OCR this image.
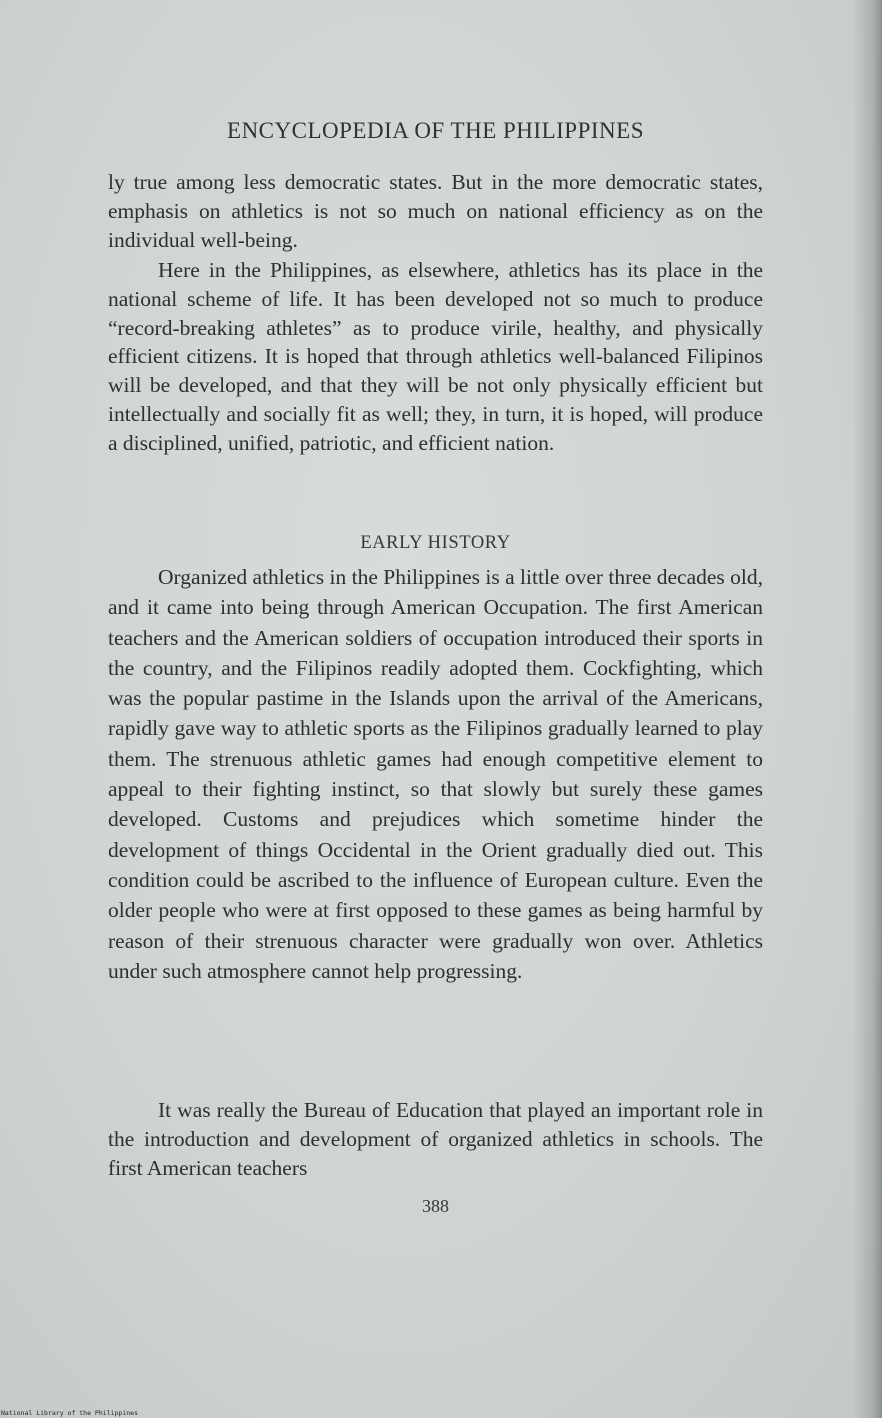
ENCYCLOPEDIA OF THE PHILIPPINES

ly true among less democratic states. But in the more democratic states, emphasis on athletics is not so much on national efficiency as on the individual well-being.

Here in the Philippines, as elsewhere, athletics has its place in the national scheme of life. It has been developed not so much to produce “record-breaking athletes” as to produce virile, healthy, and physically efficient citizens. It is hoped that through athletics well-balanced Filipinos will be developed, and that they will be not only physically efficient but intellectually and socially fit as well; they, in turn, it is hoped, will produce a disciplined, unified, patriotic, and efficient nation.

EARLY HISTORY

Organized athletics in the Philippines is a little over three decades old, and it came into being through American Occupation. The first American teachers and the American soldiers of occupation introduced their sports in the country, and the Filipinos readily adopted them. Cockfighting, which was the popular pastime in the Islands upon the arrival of the Americans, rapidly gave way to athletic sports as the Filipinos gradually learned to play them. The strenuous athletic games had enough competitive element to appeal to their fighting instinct, so that slowly but surely these games developed. Customs and prejudices which sometime hinder the development of things Occidental in the Orient gradually died out. This condition could be ascribed to the influence of European culture. Even the older people who were at first opposed to these games as being harmful by reason of their strenuous character were gradually won over. Athletics under such atmosphere cannot help progressing.

It was really the Bureau of Education that played an important role in the introduction and development of organized athletics in schools. The first American teachers

388
National Library of the Philippines
